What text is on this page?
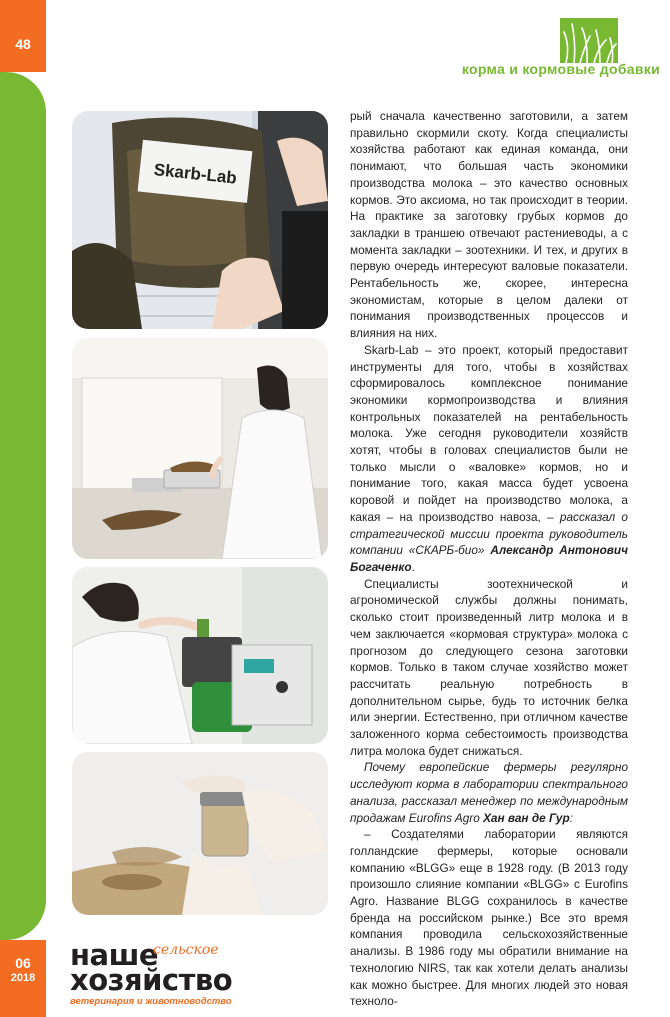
48
06
2018
корма и кормовые добавки
Skarb-Lab

рый сначала качественно заготовили, а затем правильно скормили скоту. Когда специалисты хозяйства работают как единая команда, они понимают, что большая часть экономики производства молока – это качество основных кормов. Это аксиома, но так происходит в теории. На практике за заготовку грубых кормов до закладки в траншею отвечают растениеводы, а с момента закладки – зоотехники. И тех, и других в первую очередь интересуют валовые показатели. Рентабельность же, скорее, интересна экономистам, которые в целом далеки от понимания производственных процессов и влияния на них.

Skarb-Lab – это проект, который предоставит инструменты для того, чтобы в хозяйствах сформировалось комплексное понимание экономики кормопроизводства и влияния контрольных показателей на рентабельность молока. Уже сегодня руководители хозяйств хотят, чтобы в головах специалистов были не только мысли о «валовке» кормов, но и понимание того, какая масса будет усвоена коровой и пойдет на производство молока, а какая – на производство навоза, – рассказал о стратегической миссии проекта руководитель компании «СКАРБ-био» Александр Антонович Богаченко.

Специалисты зоотехнической и агрономической службы должны понимать, сколько стоит произведенный литр молока и в чем заключается «кормовая структура» молока с прогнозом до следующего сезона заготовки кормов. Только в таком случае хозяйство может рассчитать реальную потребность в дополнительном сырье, будь то источник белка или энергии. Естественно, при отличном качестве заложенного корма себестоимость производства литра молока будет снижаться.

Почему европейские фермеры регулярно исследуют корма в лаборатории спектрального анализа, рассказал менеджер по международным продажам Eurofins Agro Хан ван де Гур:

– Создателями лаборатории являются голландские фермеры, которые основали компанию «BLGG» еще в 1928 году. (В 2013 году произошло слияние компании «BLGG» с Eurofins Agro. Название BLGG сохранилось в качестве бренда на российском рынке.) Все это время компания проводила сельскохозяйственные анализы. В 1986 году мы обратили внимание на технологию NIRS, так как хотели делать анализы как можно быстрее. Для многих людей это новая техноло-

наше
сельское
хозяйство
ветеринария и животноводство
